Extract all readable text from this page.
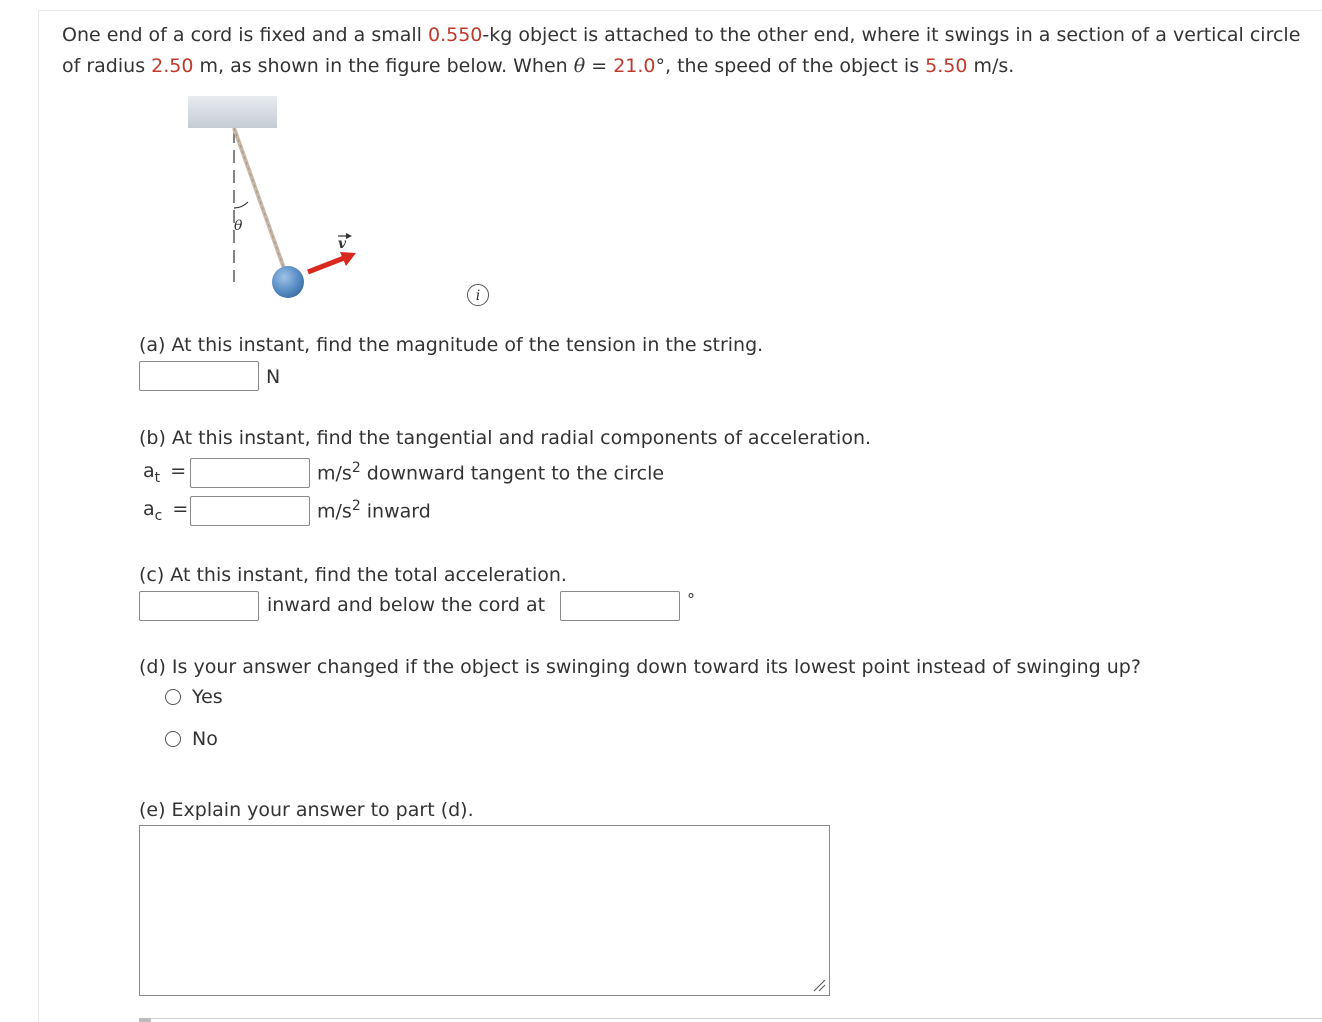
One end of a cord is fixed and a small 0.550-kg object is attached to the other end, where it swings in a section of a vertical circle of radius 2.50 m, as shown in the figure below. When θ = 21.0°, the speed of the object is 5.50 m/s.
θ
v
i
(a) At this instant, find the magnitude of the tension in the string.
N
(b) At this instant, find the tangential and radial components of acceleration.
$a_t$ =	$m/s^2$ downward tangent to the circle
$a_c$ =	$m/s^2$ inward
(c) At this instant, find the total acceleration.
inward and below the cord at	°
(d) Is your answer changed if the object is swinging down toward its lowest point instead of swinging up?
Yes
No
(e) Explain your answer to part (d).
